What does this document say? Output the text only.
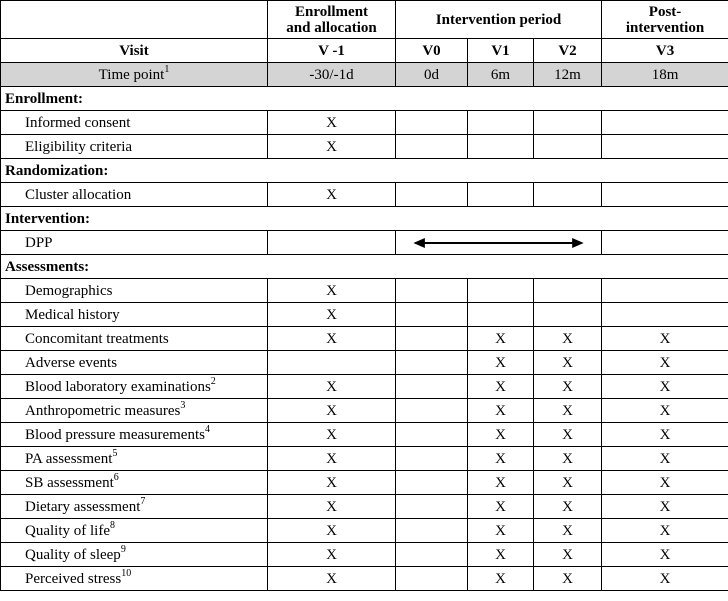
	Enrollment
and allocation	Intervention period			Post-
intervention
Visit	V -1	V0	V1	V2	V3
Time point$^1$	-30/-1d	0d	6m	12m	18m
Enrollment:					
Informed consent	X				
Eligibility criteria	X				
Randomization:					
Cluster allocation	X				
Intervention:					
DPP		

Assessments:					
Demographics	X				
Medical history	X				
Concomitant treatments	X		X	X	X
Adverse events			X	X	X
Blood laboratory examinations$^2$	X		X	X	X
Anthropometric measures$^3$	X		X	X	X
Blood pressure measurements$^4$	X		X	X	X
PA assessment$^5$	X		X	X	X
SB assessment$^6$	X		X	X	X
Dietary assessment$^7$	X		X	X	X
Quality of life$^8$	X		X	X	X
Quality of sleep$^9$	X		X	X	X
Perceived stress$^{10}$	X		X	X	X
